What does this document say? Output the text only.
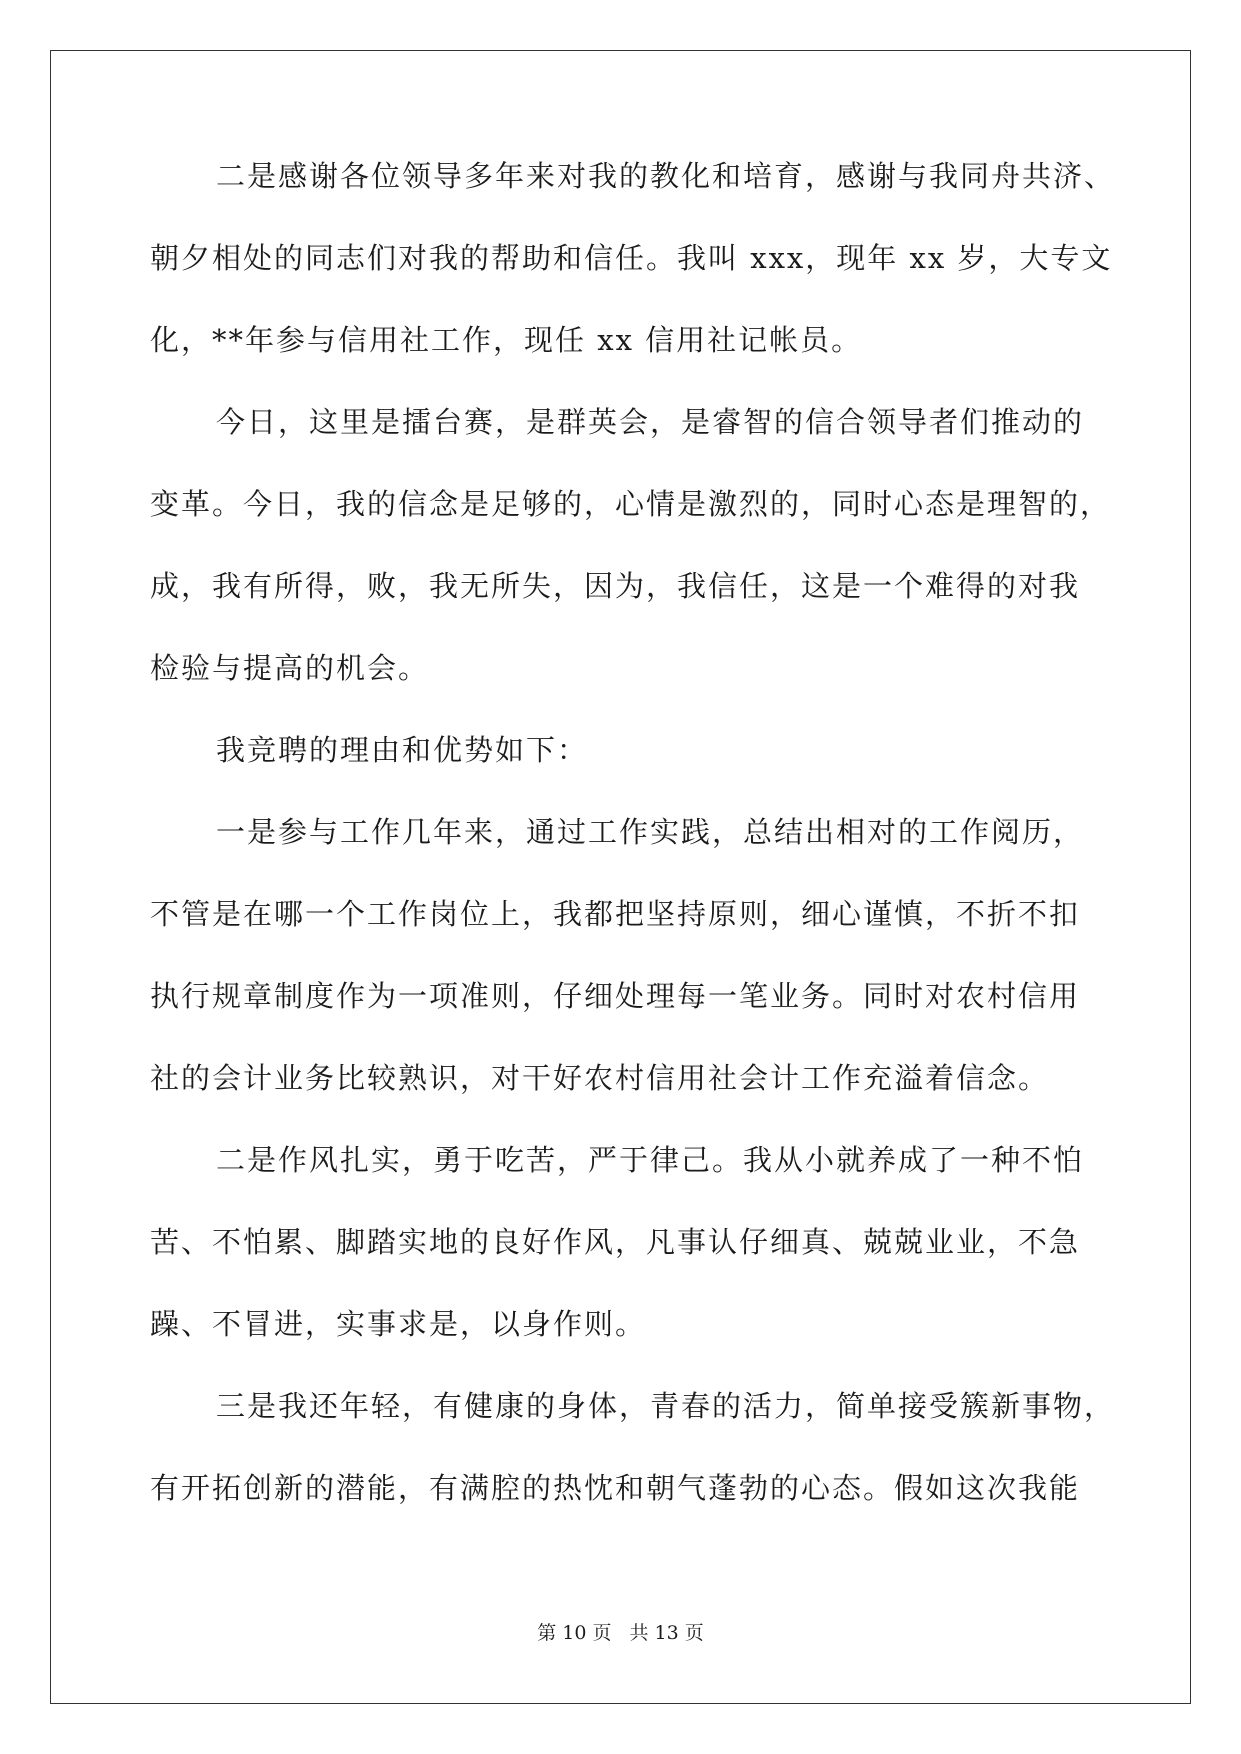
二是感谢各位领导多年来对我的教化和培育，感谢与我同舟共济、
朝夕相处的同志们对我的帮助和信任。我叫 xxx，现年 xx 岁，大专文
化，**年参与信用社工作，现任 xx 信用社记帐员。
今日，这里是擂台赛，是群英会，是睿智的信合领导者们推动的
变革。今日，我的信念是足够的，心情是激烈的，同时心态是理智的，
成，我有所得，败，我无所失，因为，我信任，这是一个难得的对我
检验与提高的机会。
我竞聘的理由和优势如下：
一是参与工作几年来，通过工作实践，总结出相对的工作阅历，
不管是在哪一个工作岗位上，我都把坚持原则，细心谨慎，不折不扣
执行规章制度作为一项准则，仔细处理每一笔业务。同时对农村信用
社的会计业务比较熟识，对干好农村信用社会计工作充溢着信念。
二是作风扎实，勇于吃苦，严于律己。我从小就养成了一种不怕
苦、不怕累、脚踏实地的良好作风，凡事认仔细真、兢兢业业，不急
躁、不冒进，实事求是，以身作则。
三是我还年轻，有健康的身体，青春的活力，简单接受簇新事物，
有开拓创新的潜能，有满腔的热忱和朝气蓬勃的心态。假如这次我能
第 10 页 共 13 页
